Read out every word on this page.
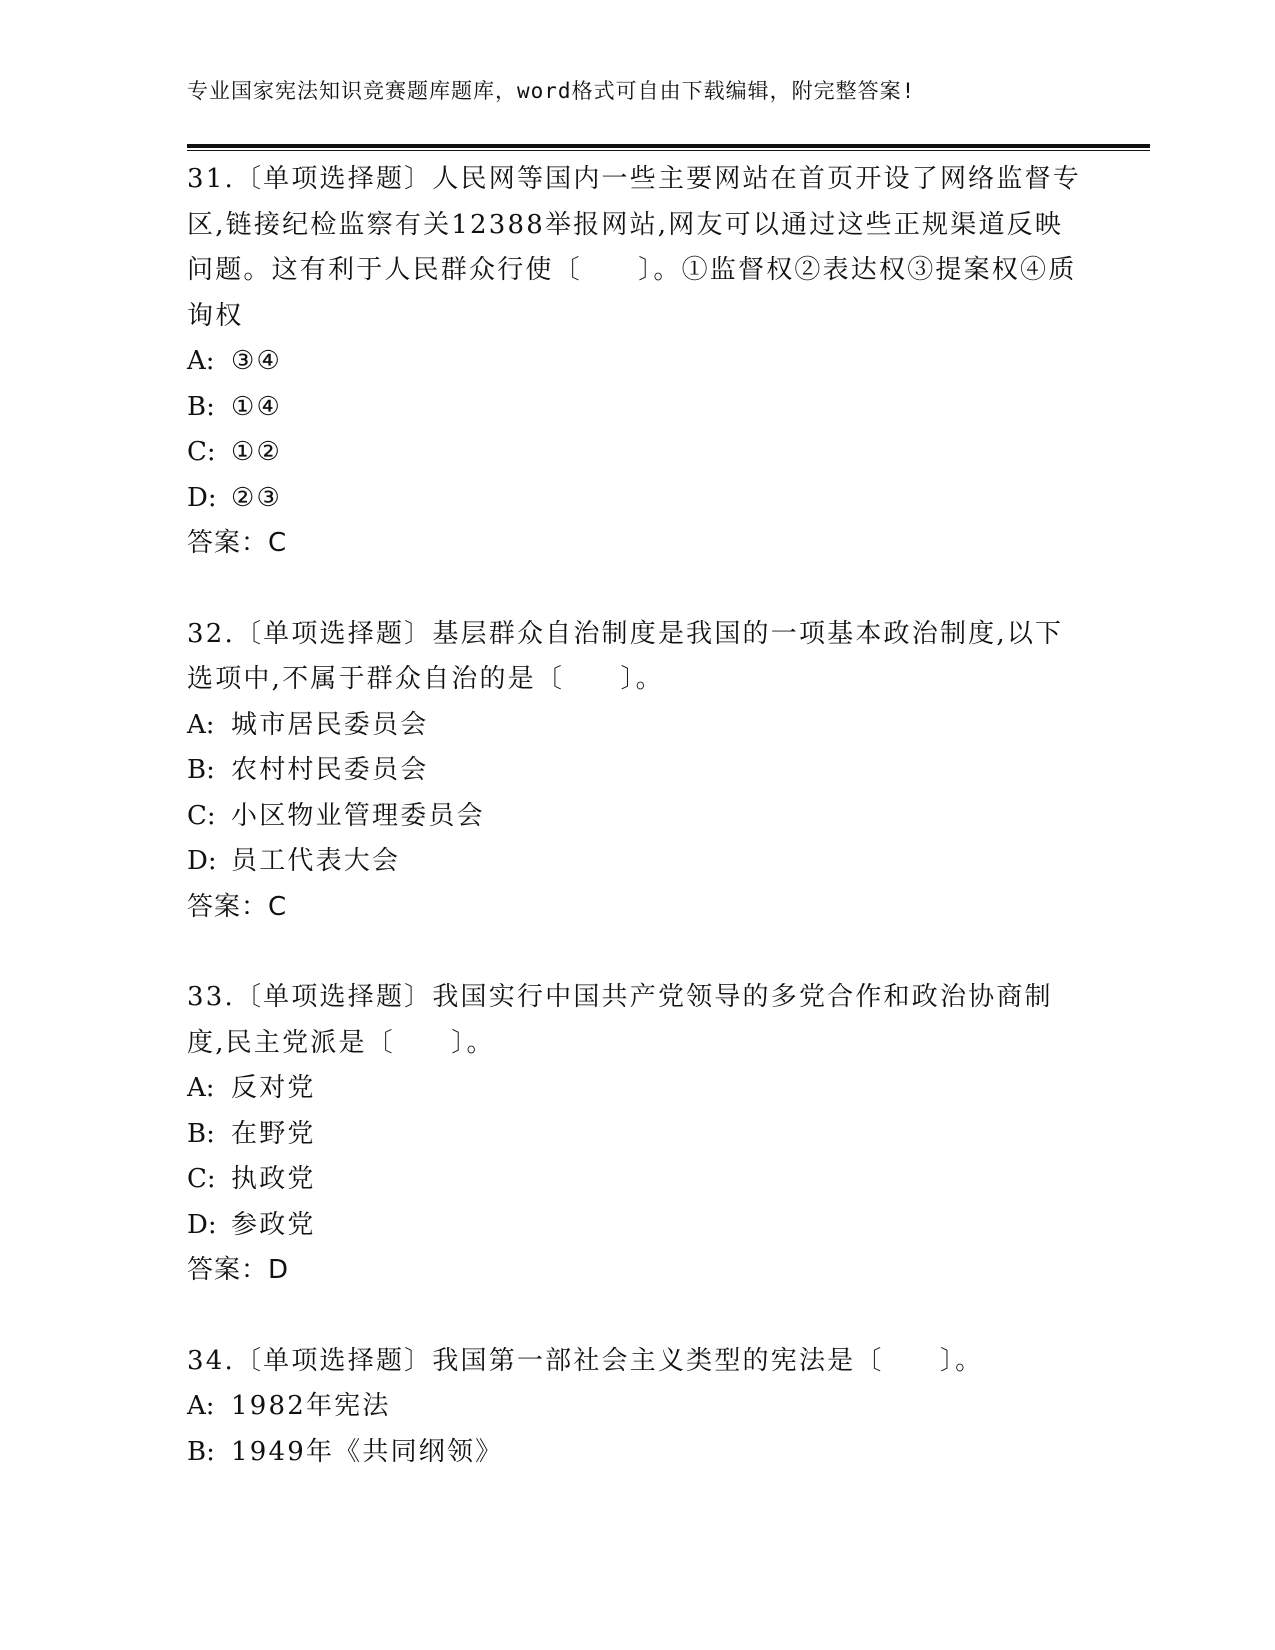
专业国家宪法知识竞赛题库题库，word格式可自由下载编辑，附完整答案!
31.〔单项选择题〕人民网等国内一些主要网站在首页开设了网络监督专区,链接纪检监察有关12388举报网站,网友可以通过这些正规渠道反映问题。这有利于人民群众行使〔　　〕。①监督权②表达权③提案权④质询权
A: ③④
B: ①④
C: ①②
D: ②③
答案：C
32.〔单项选择题〕基层群众自治制度是我国的一项基本政治制度,以下选项中,不属于群众自治的是〔　　〕。
A: 城市居民委员会
B: 农村村民委员会
C: 小区物业管理委员会
D: 员工代表大会
答案：C
33.〔单项选择题〕我国实行中国共产党领导的多党合作和政治协商制度,民主党派是〔　　〕。
A: 反对党
B: 在野党
C: 执政党
D: 参政党
答案：D
34.〔单项选择题〕我国第一部社会主义类型的宪法是〔　　〕。
A: 1982年宪法
B: 1949年《共同纲领》
